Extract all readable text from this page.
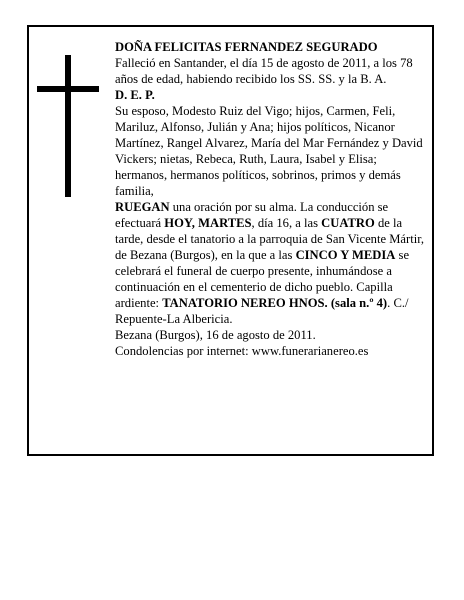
DOÑA FELICITAS FERNANDEZ SEGURADO

Falleció en Santander, el día 15 de agosto de 2011, a los 78 años de edad, habiendo recibido los SS. SS. y la B. A.

D. E. P.

Su esposo, Modesto Ruiz del Vigo; hijos, Carmen, Feli, Mariluz, Alfonso, Julián y Ana; hijos políticos, Nicanor Martínez, Rangel Alvarez, María del Mar Fernández y David Vickers; nietas, Rebeca, Ruth, Laura, Isabel y Elisa; hermanos, hermanos políticos, sobrinos, primos y demás familia,

RUEGAN una oración por su alma. La conducción se efectuará HOY, MARTES, día 16, a las CUATRO de la tarde, desde el tanatorio a la parroquia de San Vicente Mártir, de Bezana (Burgos), en la que a las CINCO Y MEDIA se celebrará el funeral de cuerpo presente, inhumándose a continuación en el cementerio de dicho pueblo. Capilla ardiente: TANATORIO NEREO HNOS. (sala n.º 4). C./ Repuente-La Albericia.

Bezana (Burgos), 16 de agosto de 2011.

Condolencias por internet: www.funerarianereo.es
